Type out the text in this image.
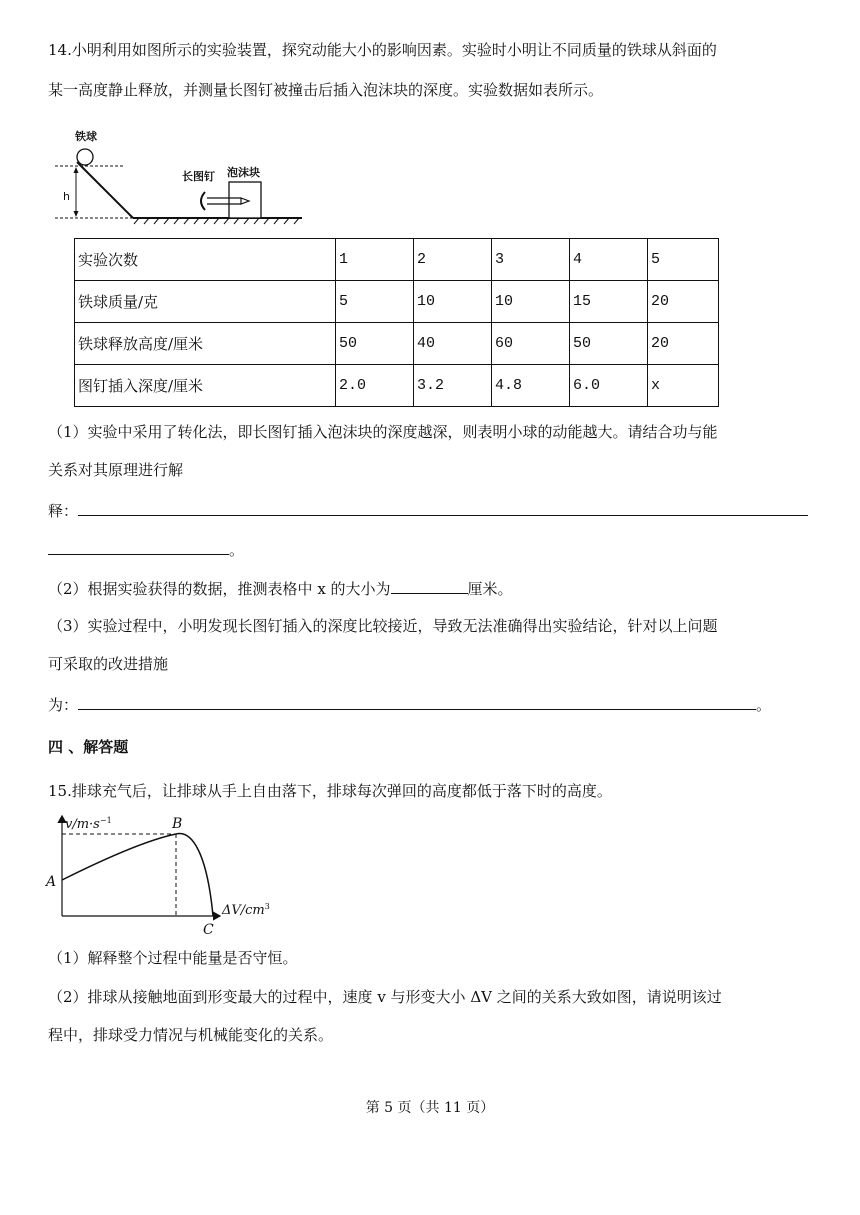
14.小明利用如图所示的实验装置，探究动能大小的影响因素。实验时小明让不同质量的铁球从斜面的
某一高度静止释放，并测量长图钉被撞击后插入泡沫块的深度。实验数据如表所示。
铁球
h
长图钉 泡沫块
实验次数	1	2	3	4	5
铁球质量/克	5	10	10	15	20
铁球释放高度/厘米	50	40	60	50	20
图钉插入深度/厘米	2.0	3.2	4.8	6.0	x
（1）实验中采用了转化法，即长图钉插入泡沫块的深度越深，则表明小球的动能越大。请结合功与能
关系对其原理进行解
释：
。
（2）根据实验获得的数据，推测表格中 x 的大小为	厘米。
（3）实验过程中，小明发现长图钉插入的深度比较接近，导致无法准确得出实验结论，针对以上问题
可采取的改进措施
为：	。
四 、解答题
15.排球充气后，让排球从手上自由落下，排球每次弹回的高度都低于落下时的高度。
$v/m\cdot s^{-1}$
$\Delta V/cm^3$
A
B
C
（1）解释整个过程中能量是否守恒。
（2）排球从接触地面到形变最大的过程中，速度 v 与形变大小 ΔV 之间的关系大致如图，请说明该过
程中，排球受力情况与机械能变化的关系。
第 5 页（共 11 页）
